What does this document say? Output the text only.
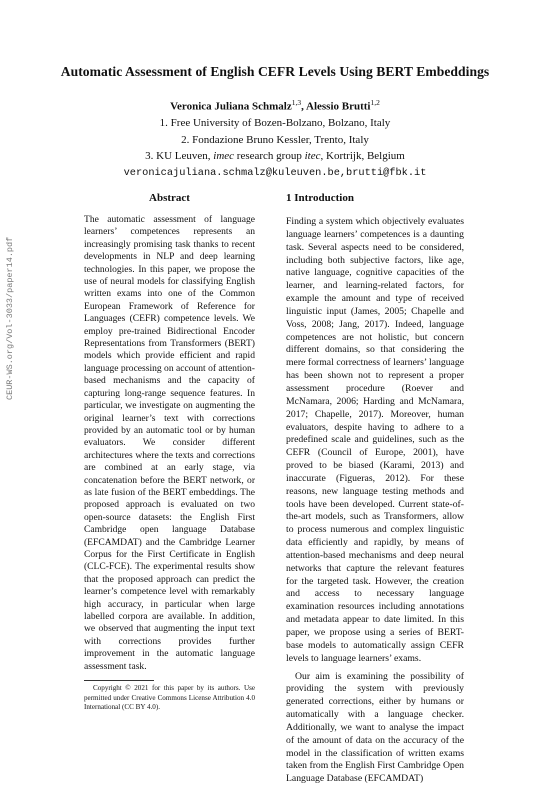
CEUR-WS.org/Vol-3033/paper14.pdf
Automatic Assessment of English CEFR Levels Using BERT Embeddings
Veronica Juliana Schmalz$^{1,3}$, Alessio Brutti$^{1,2}$
1. Free University of Bozen-Bolzano, Bolzano, Italy
2. Fondazione Bruno Kessler, Trento, Italy
3. KU Leuven, imec research group itec, Kortrijk, Belgium
veronicajuliana.schmalz@kuleuven.be,brutti@fbk.it
Abstract
The automatic assessment of language learners’ competences represents an increasingly promising task thanks to recent developments in NLP and deep learning technologies. In this paper, we propose the use of neural models for classifying English written exams into one of the Common European Framework of Reference for Languages (CEFR) competence levels. We employ pre-trained Bidirectional Encoder Representations from Transformers (BERT) models which provide efficient and rapid language processing on account of attention-based mechanisms and the capacity of capturing long-range sequence features. In particular, we investigate on augmenting the original learner’s text with corrections provided by an automatic tool or by human evaluators. We consider different architectures where the texts and corrections are combined at an early stage, via concatenation before the BERT network, or as late fusion of the BERT embeddings. The proposed approach is evaluated on two open-source datasets: the English First Cambridge open language Database (EFCAMDAT) and the Cambridge Learner Corpus for the First Certificate in English (CLC-FCE). The experimental results show that the proposed approach can predict the learner’s competence level with remarkably high accuracy, in particular when large labelled corpora are available. In addition, we observed that augmenting the input text with corrections provides further improvement in the automatic language assessment task.
Copyright © 2021 for this paper by its authors. Use permitted under Creative Commons License Attribution 4.0 International (CC BY 4.0).
1 Introduction

Finding a system which objectively evaluates language learners’ competences is a daunting task. Several aspects need to be considered, including both subjective factors, like age, native language, cognitive capacities of the learner, and learning-related factors, for example the amount and type of received linguistic input (James, 2005; Chapelle and Voss, 2008; Jang, 2017). Indeed, language competences are not holistic, but concern different domains, so that considering the mere formal correctness of learners’ language has been shown not to represent a proper assessment procedure (Roever and McNamara, 2006; Harding and McNamara, 2017; Chapelle, 2017). Moreover, human evaluators, despite having to adhere to a predefined scale and guidelines, such as the CEFR (Council of Europe, 2001), have proved to be biased (Karami, 2013) and inaccurate (Figueras, 2012). For these reasons, new language testing methods and tools have been developed. Current state-of-the-art models, such as Transformers, allow to process numerous and complex linguistic data efficiently and rapidly, by means of attention-based mechanisms and deep neural networks that capture the relevant features for the targeted task. However, the creation and access to necessary language examination resources including annotations and metadata appear to date limited. In this paper, we propose using a series of BERT-base models to automatically assign CEFR levels to language learners’ exams.

Our aim is examining the possibility of providing the system with previously generated corrections, either by humans or automatically with a language checker. Additionally, we want to analyse the impact of the amount of data on the accuracy of the model in the classification of written exams taken from the English First Cambridge Open Language Database (EFCAMDAT)
